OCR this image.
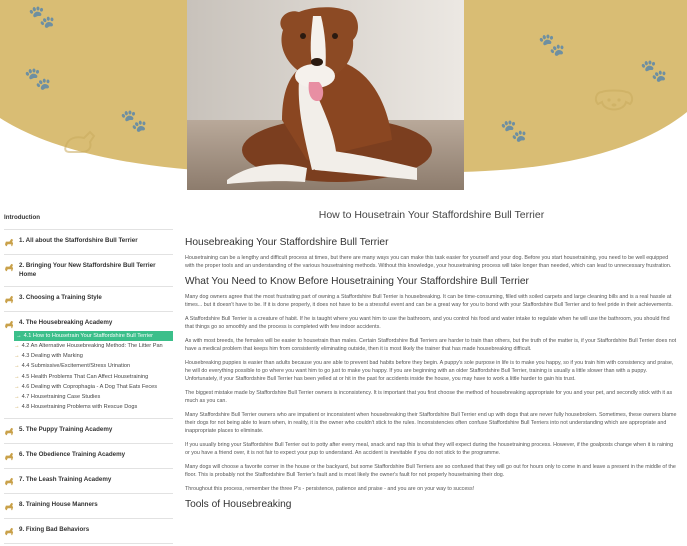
🐾
🐾
🐾
🐾
🐾
🐾
Introduction
1. All about the Staffordshire Bull Terrier
2. Bringing Your New Staffordshire Bull Terrier Home
3. Choosing a Training Style
4. The Housebreaking Academy
→ 4.1 How to Housetrain Your Staffordshire Bull Terrier
→ 4.2 An Alternative Housebreaking Method: The Litter Pan
→ 4.3 Dealing with Marking
→ 4.4 Submissive/Excitement/Stress Urination
→ 4.5 Health Problems That Can Affect Housetraining
→ 4.6 Dealing with Coprophagia - A Dog That Eats Feces
→ 4.7 Housetraining Case Studies
→ 4.8 Housetraining Problems with Rescue Dogs
5. The Puppy Training Academy
6. The Obedience Training Academy
7. The Leash Training Academy
8. Training House Manners
9. Fixing Bad Behaviors
How to Housetrain Your Staffordshire Bull Terrier
Housebreaking Your Staffordshire Bull Terrier

Housetraining can be a lengthy and difficult process at times, but there are many ways you can make this task easier for yourself and your dog. Before you start housetraining, you need to be well equipped with the proper tools and an understanding of the various housetraining methods. Without this knowledge, your housetraining process will take longer than needed, which can lead to unnecessary frustration.

What You Need to Know Before Housetraining Your Staffordshire Bull Terrier

Many dog owners agree that the most frustrating part of owning a Staffordshire Bull Terrier is housebreaking. It can be time-consuming, filled with soiled carpets and large cleaning bills and is a real hassle at times... but it doesn't have to be. If it is done properly, it does not have to be a stressful event and can be a great way for you to bond with your Staffordshire Bull Terrier and to feel pride in their achievements.

A Staffordshire Bull Terrier is a creature of habit. If he is taught where you want him to use the bathroom, and you control his food and water intake to regulate when he will use the bathroom, you should find that things go so smoothly and the process is completed with few indoor accidents.

As with most breeds, the females will be easier to housetrain than males. Certain Staffordshire Bull Terriers are harder to train than others, but the truth of the matter is, if your Staffordshire Bull Terrier does not have a medical problem that keeps him from consistently eliminating outside, then it is most likely the trainer that has made housebreaking difficult.

Housebreaking puppies is easier than adults because you are able to prevent bad habits before they begin. A puppy's sole purpose in life is to make you happy, so if you train him with consistency and praise, he will do everything possible to go where you want him to go just to make you happy. If you are beginning with an older Staffordshire Bull Terrier, training is usually a little slower than with a puppy. Unfortunately, if your Staffordshire Bull Terrier has been yelled at or hit in the past for accidents inside the house, you may have to work a little harder to gain his trust.

The biggest mistake made by Staffordshire Bull Terrier owners is inconsistency. It is important that you first choose the method of housebreaking appropriate for you and your pet, and secondly stick with it as much as you can.

Many Staffordshire Bull Terrier owners who are impatient or inconsistent when housebreaking their Staffordshire Bull Terrier end up with dogs that are never fully housebroken. Sometimes, these owners blame their dogs for not being able to learn when, in reality, it is the owner who couldn't stick to the rules. Inconsistencies often confuse Staffordshire Bull Terriers into not understanding which are appropriate and inappropriate places to eliminate.

If you usually bring your Staffordshire Bull Terrier out to potty after every meal, snack and nap this is what they will expect during the housetraining process. However, if the goalposts change when it is raining or you have a friend over, it is not fair to expect your pup to understand. An accident is inevitable if you do not stick to the programme.

Many dogs will choose a favorite corner in the house or the backyard, but some Staffordshire Bull Terriers are so confused that they will go out for hours only to come in and leave a present in the middle of the floor. This is probably not the Staffordshire Bull Terrier's fault and is most likely the owner's fault for not properly housetraining their dog.

Throughout this process, remember the three P's - persistence, patience and praise - and you are on your way to success!

Tools of Housebreaking
